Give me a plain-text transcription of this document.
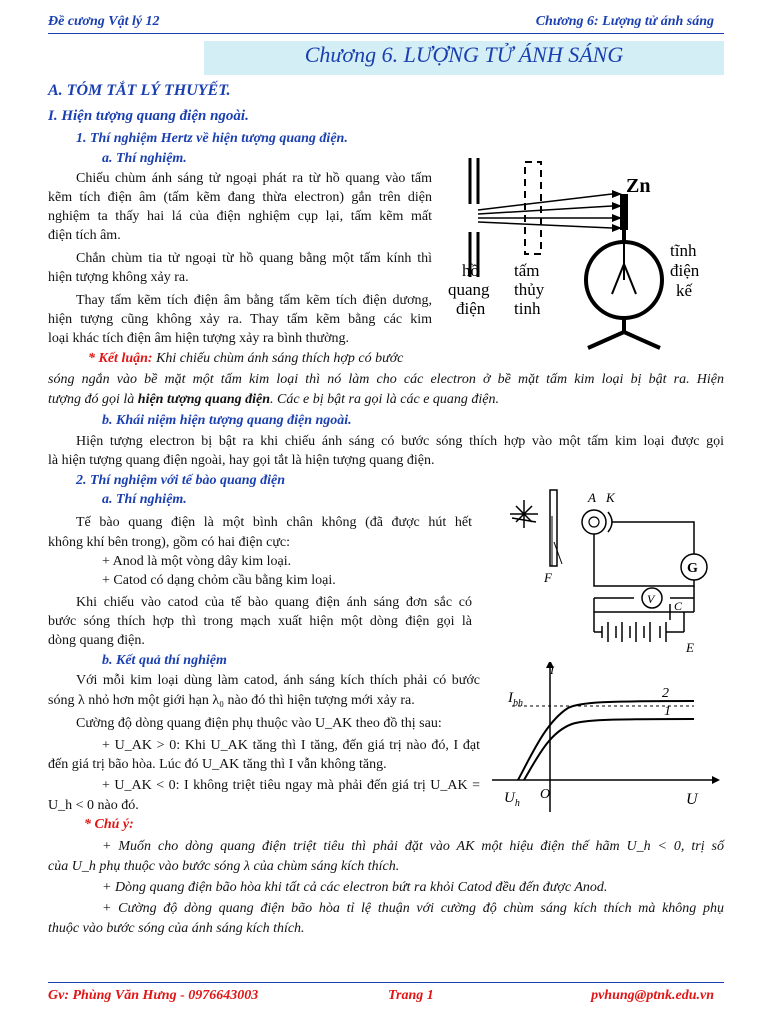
Đề cương Vật lý 12	Chương 6: Lượng tử ánh sáng
Chương 6. LƯỢNG TỬ ÁNH SÁNG
A. TÓM TẮT LÝ THUYẾT.
I. Hiện tượng quang điện ngoài.
1. Thí nghiệm Hertz về hiện tượng quang điện.
a. Thí nghiệm.
Chiếu chùm ánh sáng tử ngoại phát ra từ hồ quang vào tấm
kẽm tích điện âm (tấm kẽm đang thừa electron) gắn trên diện
nghiệm ta thấy hai lá của điện nghiệm cụp lại, tấm kẽm mất
điện tích âm.
Chắn chùm tia tử ngoại từ hồ quang bằng một tấm kính thì
hiện tượng không xảy ra.
Thay tấm kẽm tích điện âm bằng tấm kẽm tích điện dương,
hiện tượng cũng không xảy ra. Thay tấm kẽm bằng các kim
loại khác tích điện âm hiện tượng xảy ra bình thường.
* Kết luận: Khi chiếu chùm ánh sáng thích hợp có bước
sóng ngắn vào bề mặt một tấm kim loại thì nó làm cho các electron ở bề mặt tấm kim loại bị bật ra. Hiện
tượng đó gọi là hiện tượng quang điện. Các e bị bật ra gọi là các e quang điện.
b. Khái niệm hiện tượng quang điện ngoài.
Hiện tượng electron bị bật ra khi chiếu ánh sáng có bước sóng thích hợp vào một tấm kim loại được gọi
là hiện tượng quang điện ngoài, hay gọi tắt là hiện tượng quang điện.
2. Thí nghiệm với tế bào quang điện
a. Thí nghiệm.
Tế bào quang điện là một bình chân không (đã được hút hết
không khí bên trong), gồm có hai điện cực:
+ Anod là một vòng dây kim loại.
+ Catod có dạng chỏm cầu bằng kim loại.
Khi chiếu vào catod của tế bào quang điện ánh sáng đơn sắc có
bước sóng thích hợp thì trong mạch xuất hiện một dòng điện gọi là
dòng quang điện.
b. Kết quả thí nghiệm
Với mỗi kim loại dùng làm catod, ánh sáng kích thích phải có bước
sóng λ nhỏ hơn một giới hạn λ₀ nào đó thì hiện tượng mới xảy ra.
Cường độ dòng quang điện phụ thuộc vào U_AK theo đồ thị sau:
+ U_AK > 0: Khi U_AK tăng thì I tăng, đến giá trị nào đó, I đạt
đến giá trị bão hòa. Lúc đó U_AK tăng thì I vẫn không tăng.
+ U_AK < 0: I không triệt tiêu ngay mà phải đến giá trị U_AK =
U_h < 0 nào đó.
* Chú ý:
+ Muốn cho dòng quang điện triệt tiêu thì phải đặt vào AK một hiệu điện thế hãm U_h < 0, trị số
của U_h phụ thuộc vào bước sóng λ của chùm sáng kích thích.
+ Dòng quang điện bão hòa khi tất cả các electron bứt ra khỏi Catod đều đến được Anod.
+ Cường độ dòng quang điện bão hòa tỉ lệ thuận với cường độ chùm sáng kích thích mà không phụ
thuộc vào bước sóng của ánh sáng kích thích.
Zn
hồ
quang
điện
tấm
thủy
tinh
tĩnh
điện
kế
A K
F
G
V C
E
$I_{bh}$
I
1
2
$U_h$
O	U
Gv: Phùng Văn Hưng - 0976643003	Trang 1	pvhung@ptnk.edu.vn
